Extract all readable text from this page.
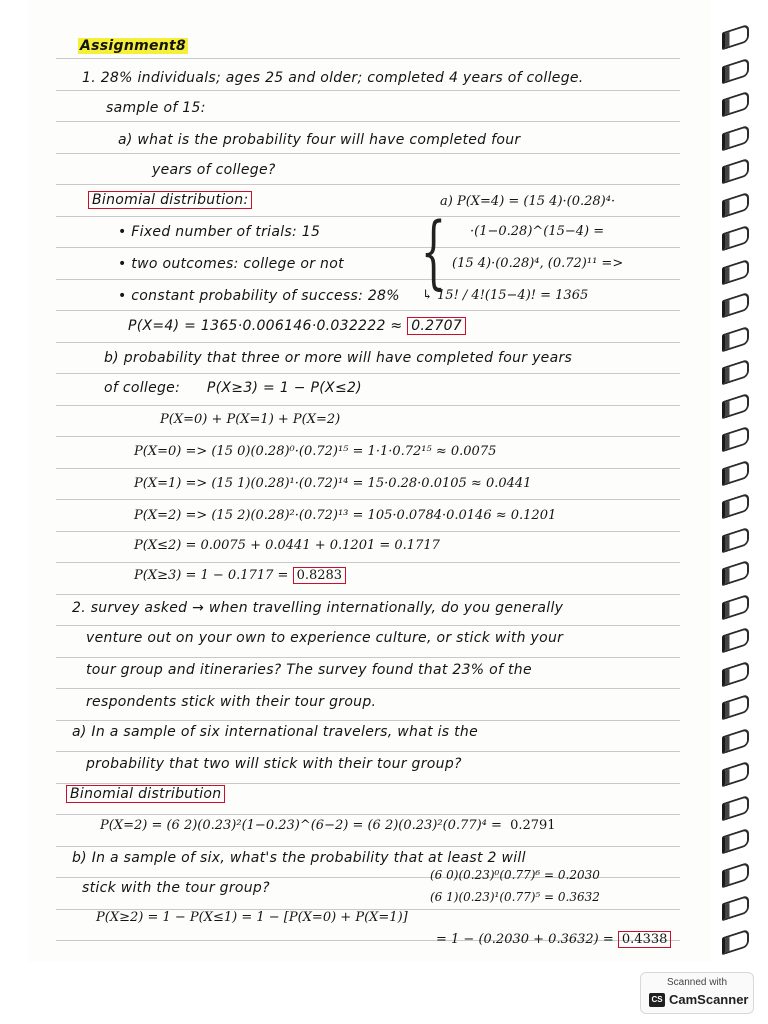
Assignment8
1. 28% individuals; ages 25 and older; completed 4 years of college.
sample of 15:
a) what is the probability four will have completed four
years of college?
Binomial distribution:
• Fixed number of trials: 15
• two outcomes: college or not
• constant probability of success: 28% {
a) P(X=4) = (15 4)·(0.28)⁴·
·(1−0.28)^(15−4) =
(15 4)·(0.28)⁴, (0.72)¹¹ =>
↳ 15! / 4!(15−4)! = 1365
P(X=4) = 1365·0.006146·0.032222 ≈ 0.2707
b) probability that three or more will have completed four years
of college: P(X≥3) = 1 − P(X≤2)
P(X=0) + P(X=1) + P(X=2)
P(X=0) => (15 0)(0.28)⁰·(0.72)¹⁵ = 1·1·0.72¹⁵ ≈ 0.0075
P(X=1) => (15 1)(0.28)¹·(0.72)¹⁴ = 15·0.28·0.0105 ≈ 0.0441
P(X=2) => (15 2)(0.28)²·(0.72)¹³ = 105·0.0784·0.0146 ≈ 0.1201
P(X≤2) = 0.0075 + 0.0441 + 0.1201 = 0.1717
P(X≥3) = 1 − 0.1717 = 0.8283
2. survey asked → when travelling internationally, do you generally
venture out on your own to experience culture, or stick with your
tour group and itineraries? The survey found that 23% of the
respondents stick with their tour group.
a) In a sample of six international travelers, what is the
probability that two will stick with their tour group?
Binomial distribution
P(X=2) = (6 2)(0.23)²(1−0.23)^(6−2) = (6 2)(0.23)²(0.77)⁴ = 0.2791
b) In a sample of six, what's the probability that at least 2 will
stick with the tour group?
(6 0)(0.23)⁰(0.77)⁶ = 0.2030
(6 1)(0.23)¹(0.77)⁵ = 0.3632
P(X≥2) = 1 − P(X≤1) = 1 − [P(X=0) + P(X=1)]
= 1 − (0.2030 + 0.3632) = 0.4338
Scanned with
CS CamScanner
